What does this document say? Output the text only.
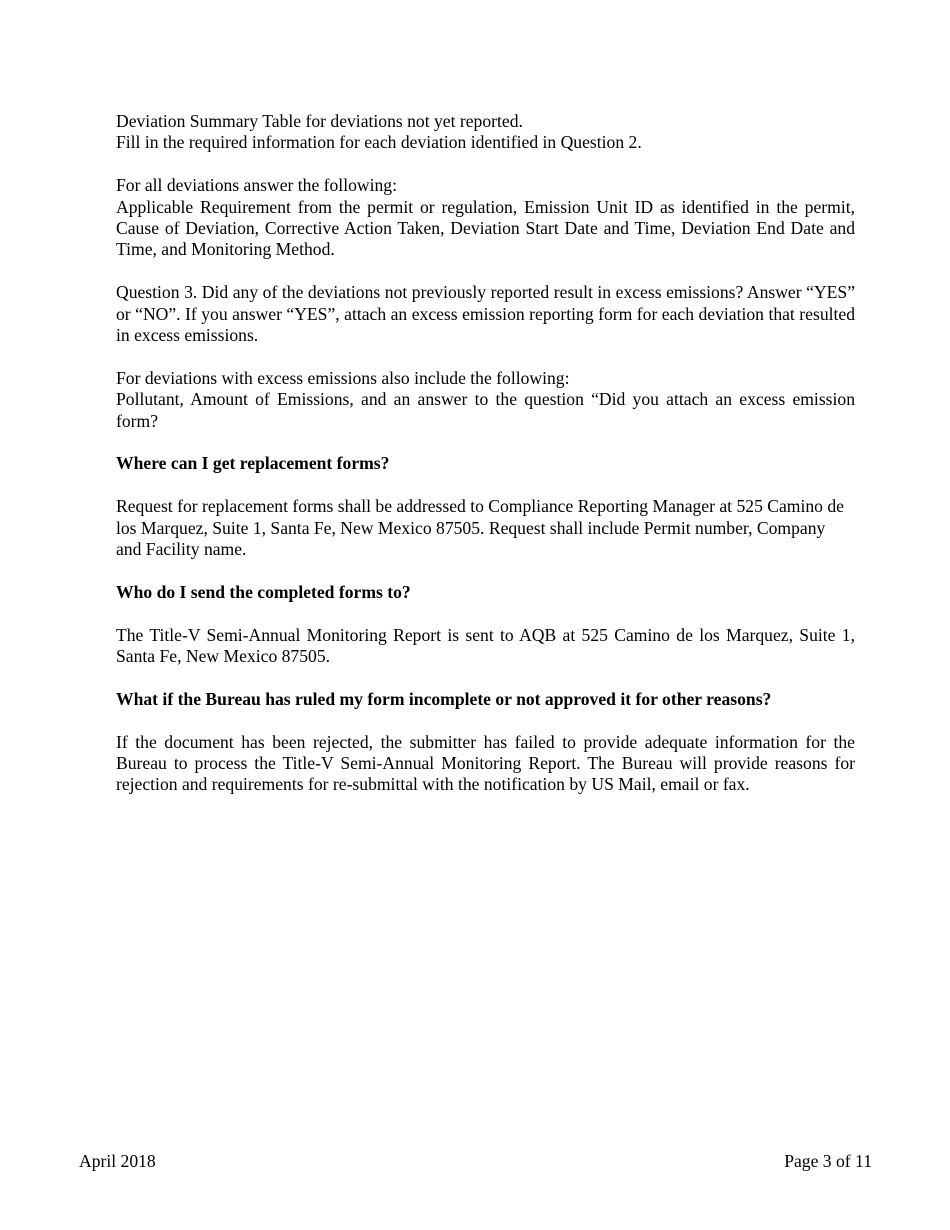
Deviation Summary Table for deviations not yet reported.

Fill in the required information for each deviation identified in Question 2.

For all deviations answer the following:

Applicable Requirement from the permit or regulation, Emission Unit ID as identified in the permit, Cause of Deviation, Corrective Action Taken, Deviation Start Date and Time, Deviation End Date and Time, and Monitoring Method.

Question 3. Did any of the deviations not previously reported result in excess emissions? Answer “YES” or “NO”. If you answer “YES”, attach an excess emission reporting form for each deviation that resulted in excess emissions.

For deviations with excess emissions also include the following:

Pollutant, Amount of Emissions, and an answer to the question “Did you attach an excess emission form?

Where can I get replacement forms?

Request for replacement forms shall be addressed to Compliance Reporting Manager at 525 Camino de los Marquez, Suite 1, Santa Fe, New Mexico 87505. Request shall include Permit number, Company and Facility name.

Who do I send the completed forms to?

The Title-V Semi-Annual Monitoring Report is sent to AQB at 525 Camino de los Marquez, Suite 1, Santa Fe, New Mexico 87505.

What if the Bureau has ruled my form incomplete or not approved it for other reasons?

If the document has been rejected, the submitter has failed to provide adequate information for the Bureau to process the Title-V Semi-Annual Monitoring Report. The Bureau will provide reasons for rejection and requirements for re-submittal with the notification by US Mail, email or fax.

April 2018	Page 3 of 11
